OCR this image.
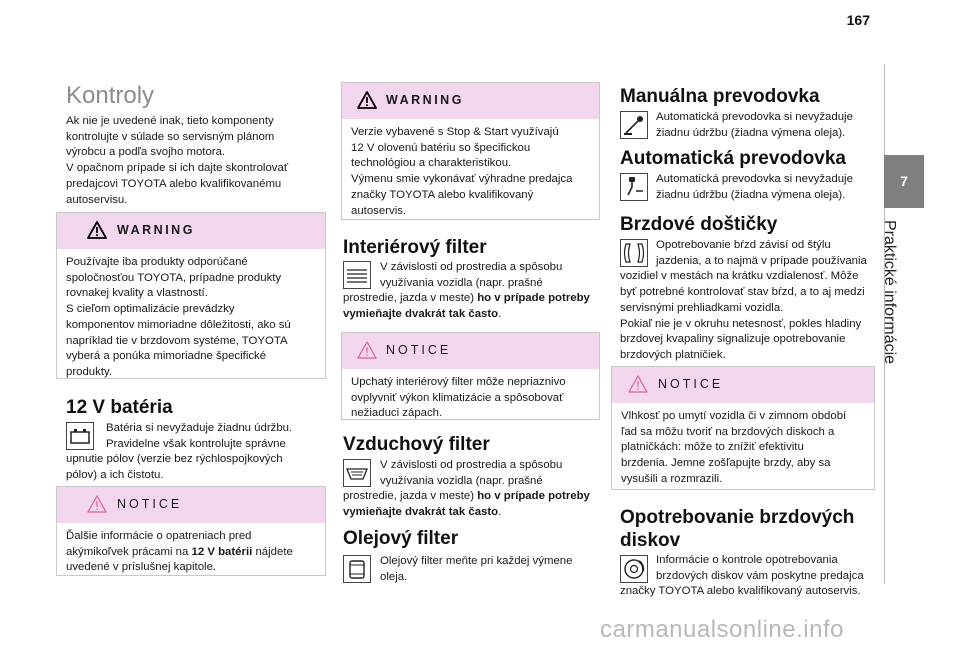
167
7
Praktické informácie
Kontroly
Ak nie je uvedené inak, tieto komponenty
kontrolujte v súlade so servisným plánom
výrobcu a podľa svojho motora.
V opačnom prípade si ich dajte skontrolovať
predajcovi TOYOTA alebo kvalifikovanému
autoservisu.
WARNING
Používajte iba produkty odporúčané
spoločnosťou TOYOTA, prípadne produkty
rovnakej kvality a vlastností.
S cieľom optimalizácie prevádzky
komponentov mimoriadne dôležitosti, ako sú
napríklad tie v brzdovom systéme, TOYOTA
vyberá a ponúka mimoriadne špecifické
produkty.
12 V batéria
Batéria si nevyžaduje žiadnu údržbu.
Pravidelne však kontrolujte správne
upnutie pólov (verzie bez rýchlospojkových
pólov) a ich čistotu.
NOTICE
Ďalšie informácie o opatreniach pred
akýmikoľvek prácami na 12 V batérii nájdete
uvedené v príslušnej kapitole.
WARNING
Verzie vybavené s Stop & Start využívajú
12 V olovenú batériu so špecifickou
technológiou a charakteristikou.
Výmenu smie vykonávať výhradne predajca
značky TOYOTA alebo kvalifikovaný
autoservis.
Interiérový filter
V závislosti od prostredia a spôsobu
využívania vozidla (napr. prašné
prostredie, jazda v meste) ho v prípade potreby
vymieňajte dvakrát tak často.
NOTICE
Upchatý interiérový filter môže nepriaznivo
ovplyvniť výkon klimatizácie a spôsobovať
nežiaduci zápach.
Vzduchový filter
V závislosti od prostredia a spôsobu
využívania vozidla (napr. prašné
prostredie, jazda v meste) ho v prípade potreby
vymieňajte dvakrát tak často.
Olejový filter
Olejový filter meňte pri každej výmene
oleja.
Manuálna prevodovka
Automatická prevodovka si nevyžaduje
žiadnu údržbu (žiadna výmena oleja).
Automatická prevodovka
Automatická prevodovka si nevyžaduje
žiadnu údržbu (žiadna výmena oleja).
Brzdové doštičky
Opotrebovanie bŕzd závisí od štýlu
jazdenia, a to najmä v prípade používania
vozidiel v mestách na krátku vzdialenosť. Môže
byť potrebné kontrolovať stav bŕzd, a to aj medzi
servisnými prehliadkami vozidla.
Pokiaľ nie je v okruhu netesnosť, pokles hladiny
brzdovej kvapaliny signalizuje opotrebovanie
brzdových platničiek.
NOTICE
Vlhkosť po umytí vozidla či v zimnom období
ľad sa môžu tvoriť na brzdových diskoch a
platničkách: môže to znížiť efektivitu
brzdenia. Jemne zošľapujte brzdy, aby sa
vysušili a rozmrazili.
Opotrebovanie brzdových
diskov
Informácie o kontrole opotrebovania
brzdových diskov vám poskytne predajca
značky TOYOTA alebo kvalifikovaný autoservis.
carmanualsonline.info
